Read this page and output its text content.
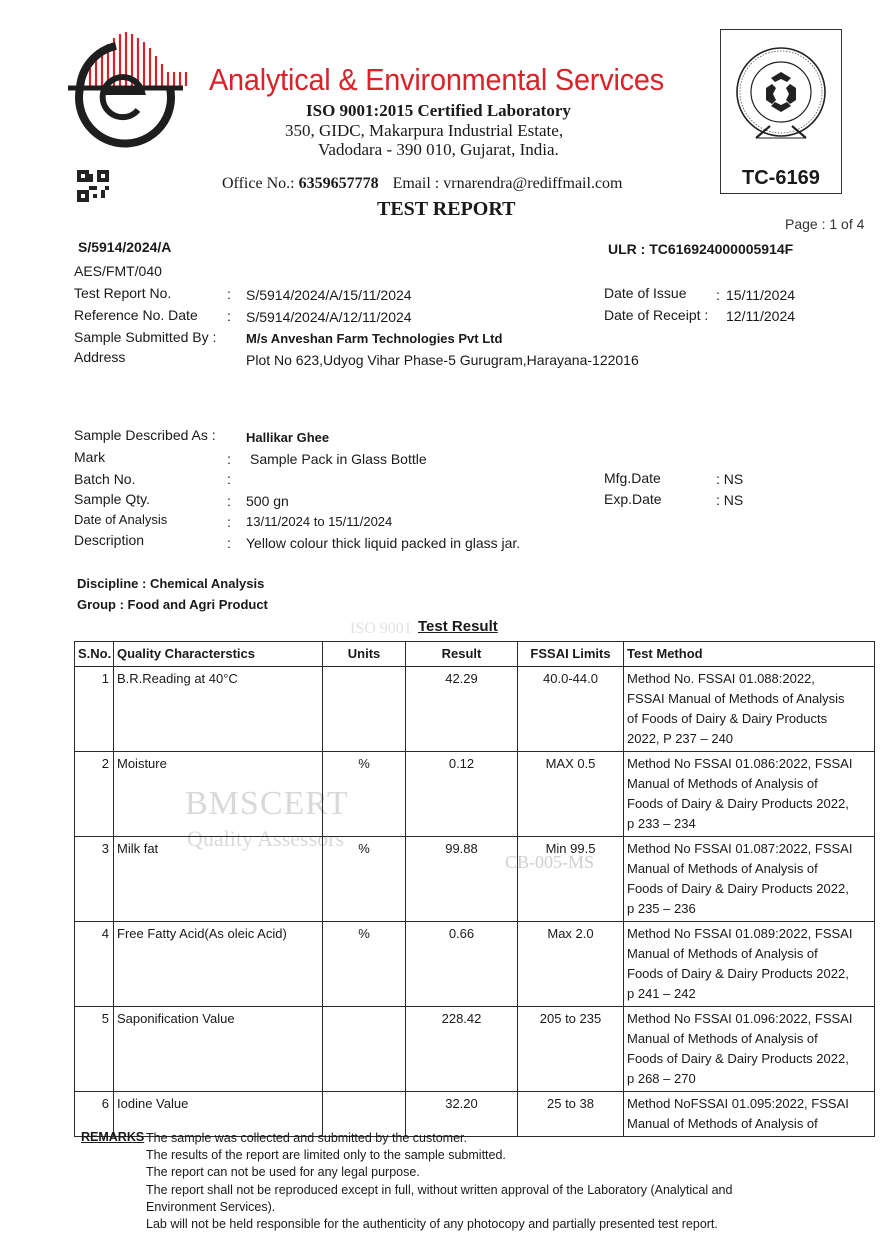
Analytical & Environmental Services
ISO 9001:2015 Certified Laboratory
350, GIDC, Makarpura Industrial Estate,
Vadodara - 390 010, Gujarat, India.
Office No.: 6359657778 Email : vrnarendra@rediffmail.com
TEST REPORT
TC-6169
Page : 1 of 4
S/5914/2024/A	ULR : TC616924000005914F
AES/FMT/040
Test Report No.	: S/5914/2024/A/15/11/2024
Reference No. Date : S/5914/2024/A/12/11/2024
Sample Submitted By : M/s Anveshan Farm Technologies Pvt Ltd
Address	Plot No 623,Udyog Vihar Phase-5 Gurugram,Harayana-122016
Date of Issue : 15/11/2024
Date of Receipt : 12/11/2024
Sample Described As : Hallikar Ghee
Mark	: Sample Pack in Glass Bottle
Batch No.	:
Sample Qty.	: 500 gn
Date of Analysis	: 13/11/2024 to 15/11/2024
Description	: Yellow colour thick liquid packed in glass jar.
Mfg.Date	: NS
Exp.Date	: NS
Discipline : Chemical Analysis
Group : Food and Agri Product
BMSCERT
Quality Assessors
CB-005-MS
ISO 9001 Test Result
S.No.	Quality Characterstics	Units	Result	FSSAI Limits	Test Method
1	B.R.Reading at 40°C		42.29	40.0-44.0	Method No. FSSAI 01.088:2022,
FSSAI Manual of Methods of Analysis
of Foods of Dairy & Dairy Products
2022, P 237 – 240

2	Moisture	%	0.12	MAX 0.5	Method No FSSAI 01.086:2022, FSSAI
Manual of Methods of Analysis of
Foods of Dairy & Dairy Products 2022,
p 233 – 234

3	Milk fat	%	99.88	Min 99.5	Method No FSSAI 01.087:2022, FSSAI
Manual of Methods of Analysis of
Foods of Dairy & Dairy Products 2022,
p 235 – 236

4	Free Fatty Acid(As oleic Acid)	%	0.66	Max 2.0	Method No FSSAI 01.089:2022, FSSAI
Manual of Methods of Analysis of
Foods of Dairy & Dairy Products 2022,
p 241 – 242

5	Saponification Value		228.42	205 to 235	Method No FSSAI 01.096:2022, FSSAI
Manual of Methods of Analysis of
Foods of Dairy & Dairy Products 2022,
p 268 – 270

6	Iodine Value		32.20	25 to 38	Method NoFSSAI 01.095:2022, FSSAI
Manual of Methods of Analysis of
REMARKS The sample was collected and submitted by the customer.
The results of the report are limited only to the sample submitted.
The report can not be used for any legal purpose.
The report shall not be reproduced except in full, without written approval of the Laboratory (Analytical and
Environment Services).
Lab will not be held responsible for the authenticity of any photocopy and partially presented test report.
